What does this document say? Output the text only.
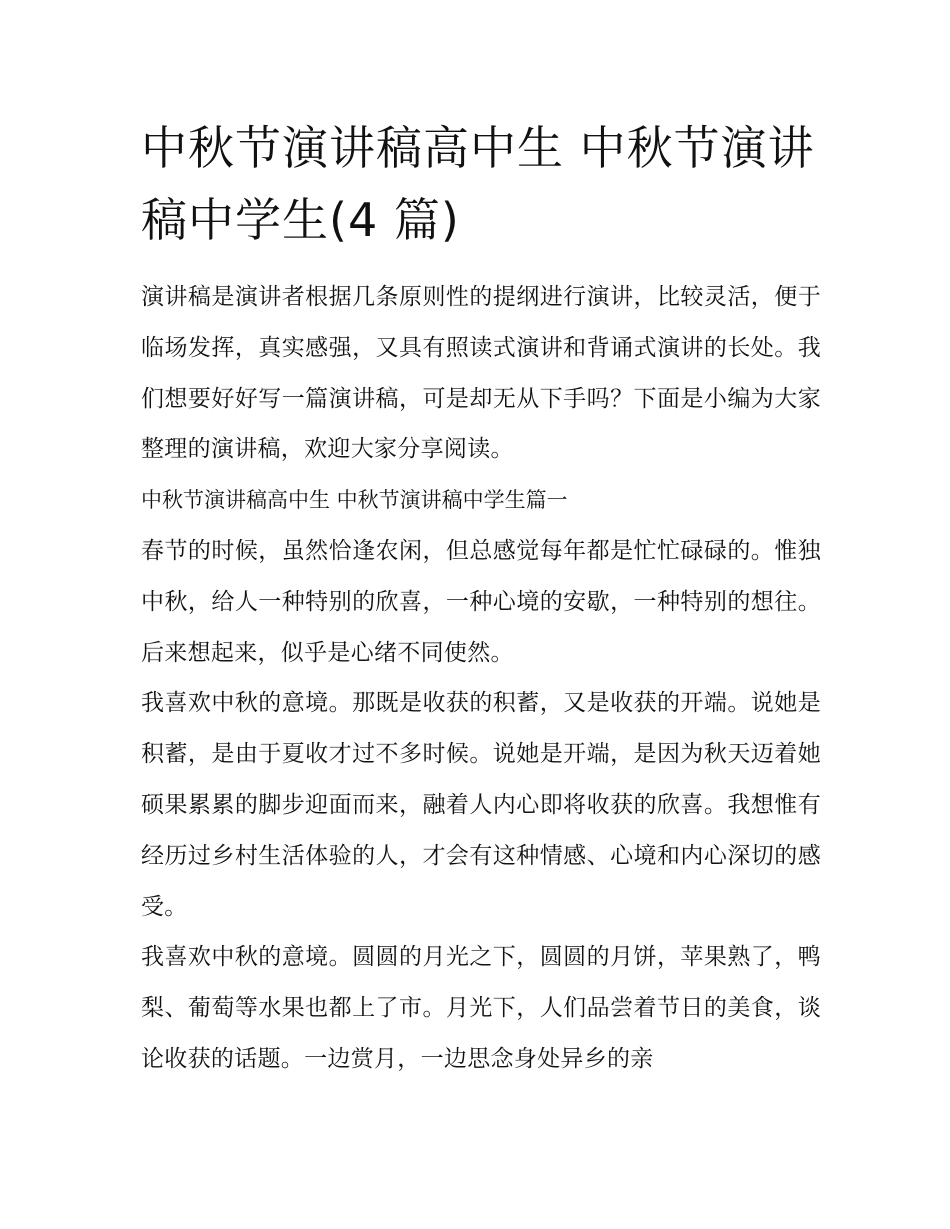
中秋节演讲稿高中生 中秋节演讲稿中学生(4 篇)

演讲稿是演讲者根据几条原则性的提纲进行演讲，比较灵活，便于临场发挥，真实感强，又具有照读式演讲和背诵式演讲的长处。我们想要好好写一篇演讲稿，可是却无从下手吗？下面是小编为大家整理的演讲稿，欢迎大家分享阅读。

中秋节演讲稿高中生 中秋节演讲稿中学生篇一

春节的时候，虽然恰逢农闲，但总感觉每年都是忙忙碌碌的。惟独中秋，给人一种特别的欣喜，一种心境的安歇，一种特别的想往。后来想起来，似乎是心绪不同使然。

我喜欢中秋的意境。那既是收获的积蓄，又是收获的开端。说她是积蓄，是由于夏收才过不多时候。说她是开端，是因为秋天迈着她硕果累累的脚步迎面而来，融着人内心即将收获的欣喜。我想惟有经历过乡村生活体验的人，才会有这种情感、心境和内心深切的感受。

我喜欢中秋的意境。圆圆的月光之下，圆圆的月饼，苹果熟了，鸭梨、葡萄等水果也都上了市。月光下，人们品尝着节日的美食，谈论收获的话题。一边赏月，一边思念身处异乡的亲
